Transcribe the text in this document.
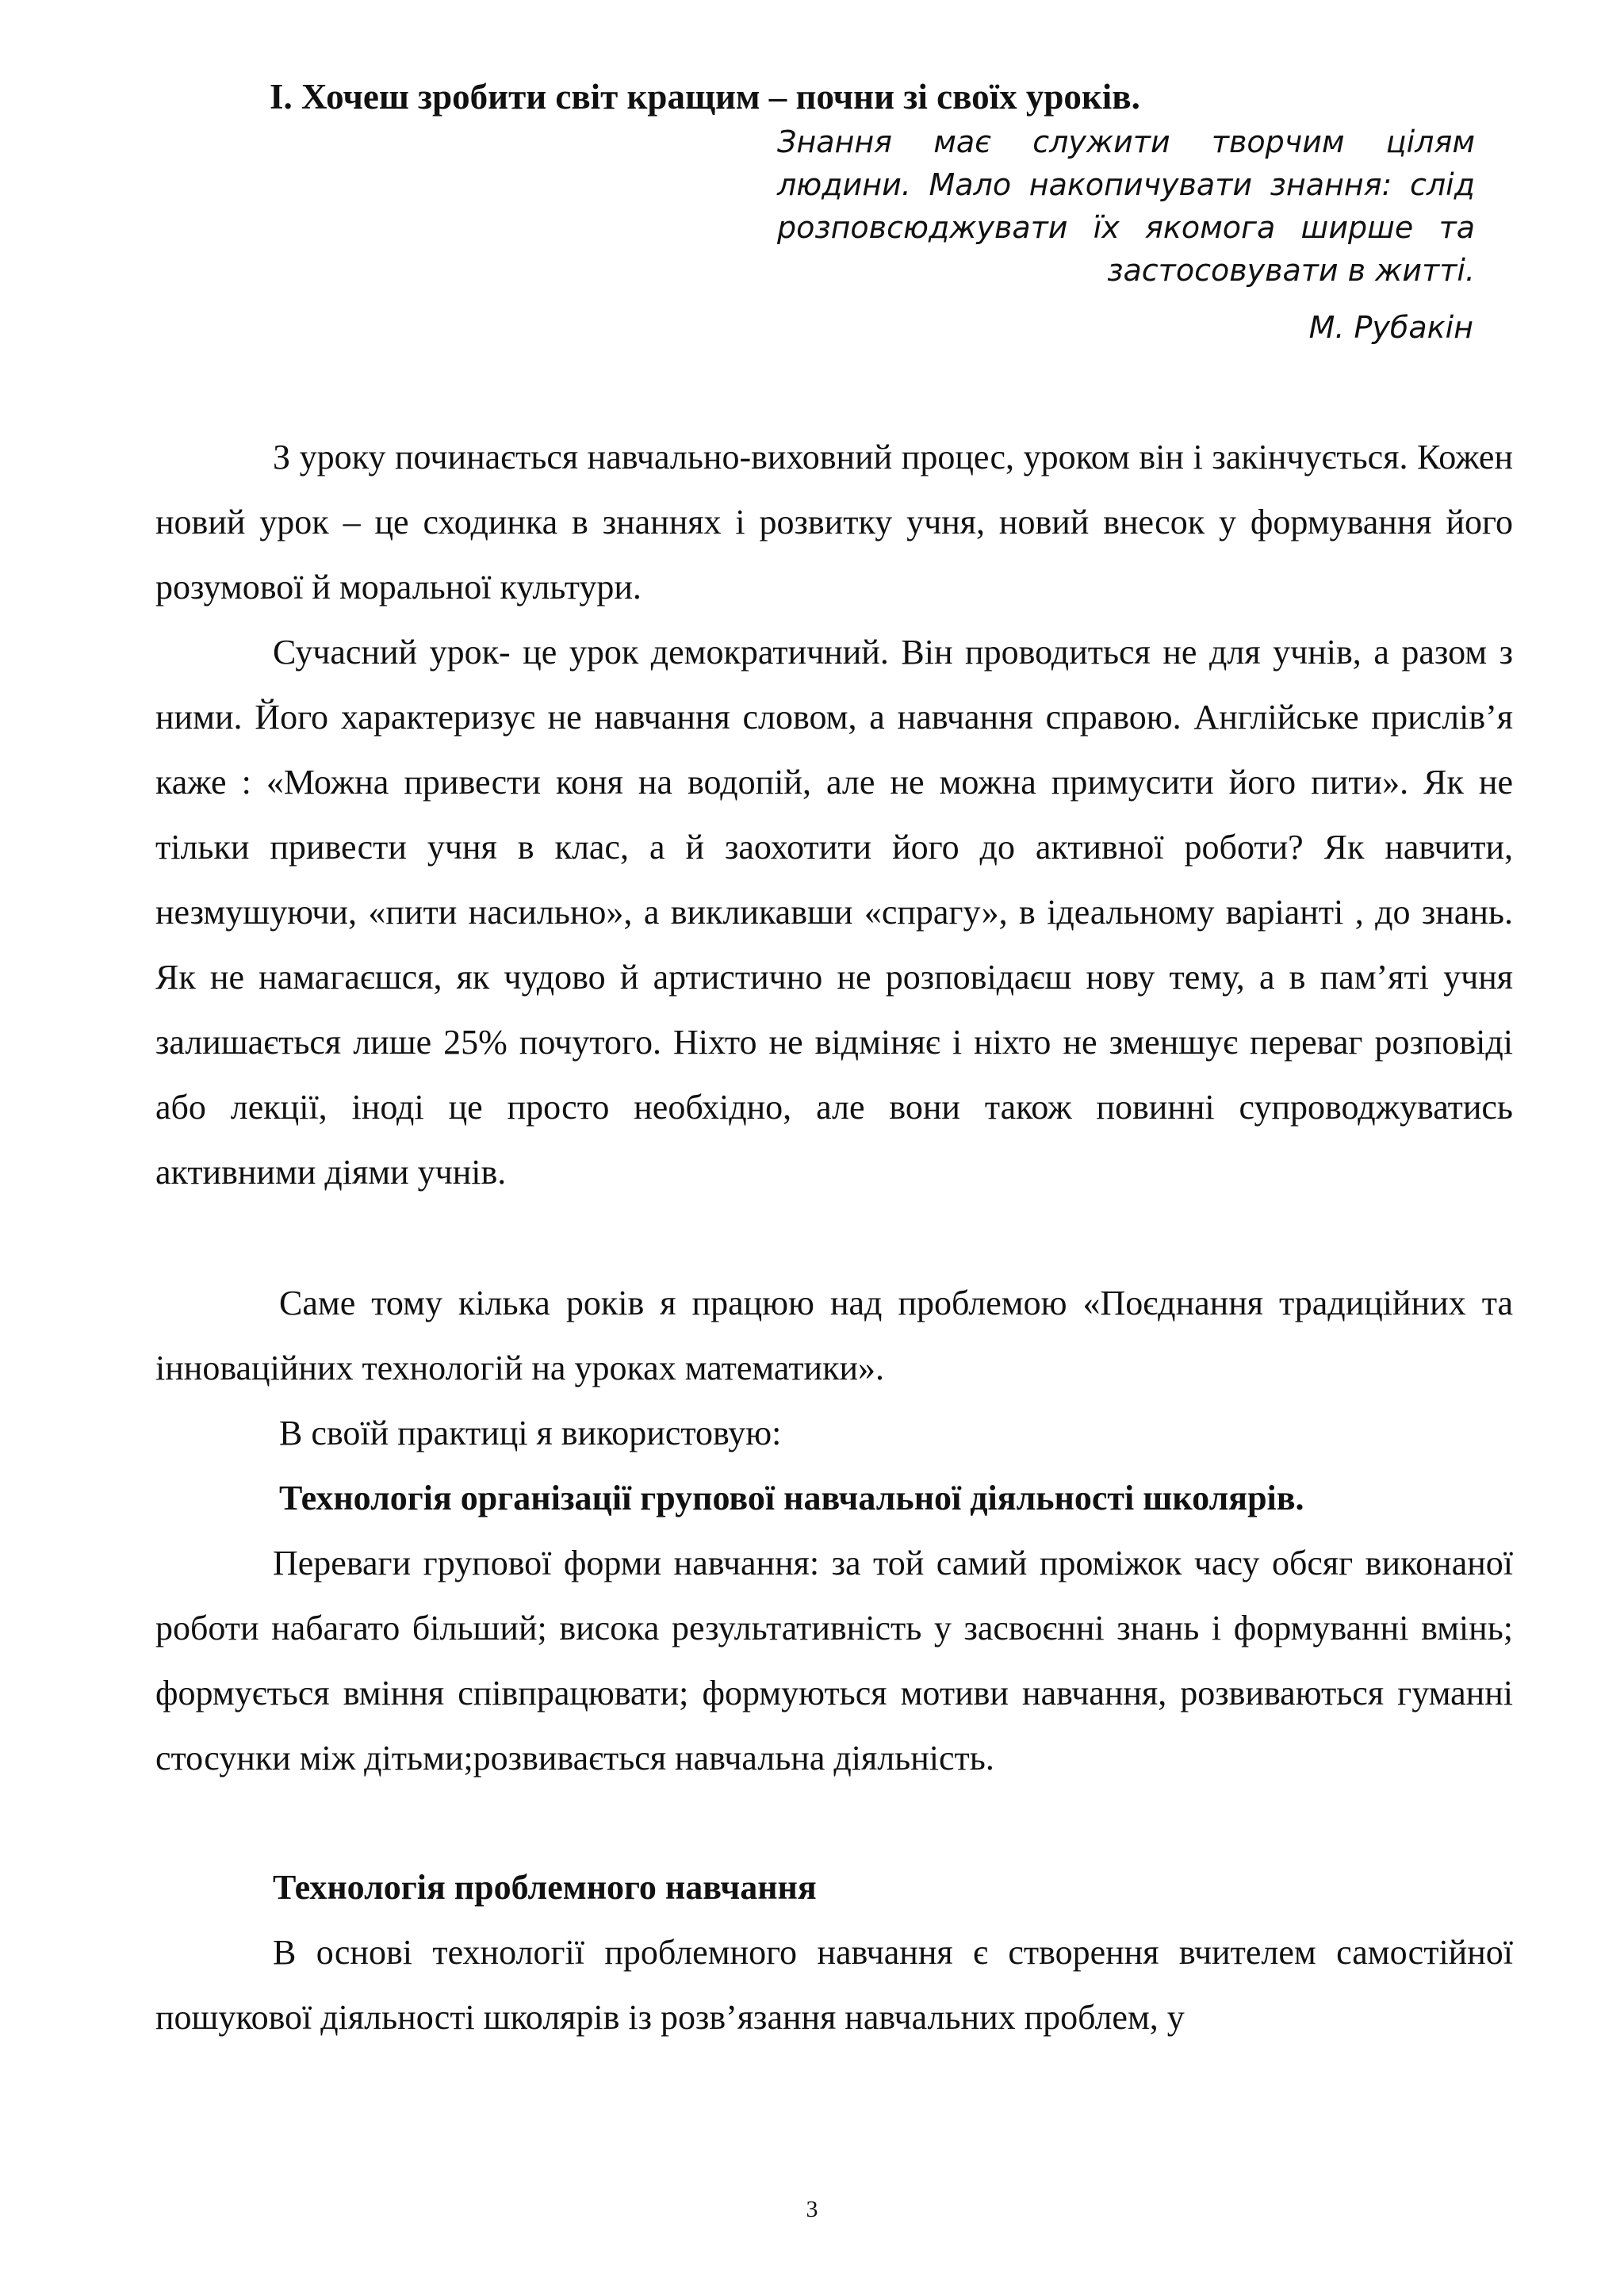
І. Хочеш зробити світ кращим – почни зі своїх уроків.

Знання має служити творчим цілям людини. Мало накопичувати знання: слід розповсюджувати їх якомога ширше та застосовувати в житті.

М. Рубакін

З уроку починається навчально-виховний процес, уроком він і закінчується. Кожен новий урок – це сходинка в знаннях і розвитку учня, новий внесок у формування його розумової й моральної культури.

Сучасний урок- це урок демократичний. Він проводиться не для учнів, а разом з ними. Його характеризує не навчання словом, а навчання справою. Англійське прислів’я каже : «Можна привести коня на водопій, але не можна примусити його пити». Як не тільки привести учня в клас, а й заохотити його до активної роботи? Як навчити, незмушуючи, «пити насильно», а викликавши «спрагу», в ідеальному варіанті , до знань. Як не намагаєшся, як чудово й артистично не розповідаєш нову тему, а в пам’яті учня залишається лише 25% почутого. Ніхто не відміняє і ніхто не зменшує переваг розповіді або лекції, іноді це просто необхідно, але вони також повинні супроводжуватись активними діями учнів.

Саме тому кілька років я працюю над проблемою «Поєднання традиційних та інноваційних технологій на уроках математики».

В своїй практиці я використовую:

Технологія організації групової навчальної діяльності школярів.

Переваги групової форми навчання: за той самий проміжок часу обсяг виконаної роботи набагато більший; висока результативність у засвоєнні знань і формуванні вмінь; формується вміння співпрацювати; формуються мотиви навчання, розвиваються гуманні стосунки між дітьми;розвивається навчальна діяльність.

Технологія проблемного навчання

В основі технології проблемного навчання є створення вчителем самостійної пошукової діяльності школярів із розв’язання навчальних проблем, у

3
